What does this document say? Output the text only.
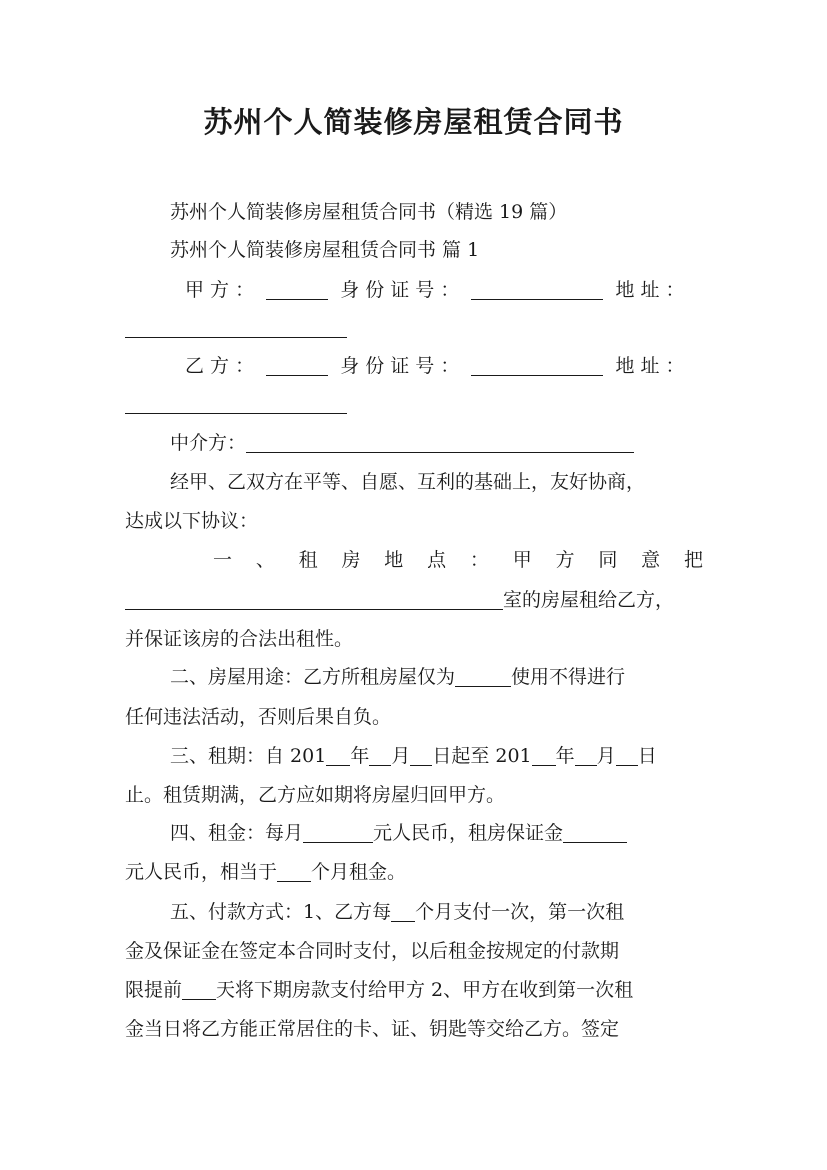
苏州个人简装修房屋租赁合同书
苏州个人简装修房屋租赁合同书（精选 19 篇）
苏州个人简装修房屋租赁合同书 篇 1
甲 方 ：	身 份 证 号 ：	地 址 ：
乙 方 ：	身 份 证 号 ：	地 址 ：
中介方：
经甲、乙双方在平等、自愿、互利的基础上，友好协商，
达成以下协议：
一 、 租 房 地 点 ： 甲 方 同 意 把
室的房屋租给乙方，
并保证该房的合法出租性。
二、房屋用途：乙方所租房屋仅为	使用不得进行
任何违法活动，否则后果自负。
三、租期：自 201 年 月 日起至 201 年 月 日
止。租赁期满，乙方应如期将房屋归回甲方。
四、租金：每月	元人民币，租房保证金
元人民币，相当于 个月租金。
五、付款方式：1、乙方每 个月支付一次，第一次租
金及保证金在签定本合同时支付，以后租金按规定的付款期
限提前 天将下期房款支付给甲方 2、甲方在收到第一次租
金当日将乙方能正常居住的卡、证、钥匙等交给乙方。签定
